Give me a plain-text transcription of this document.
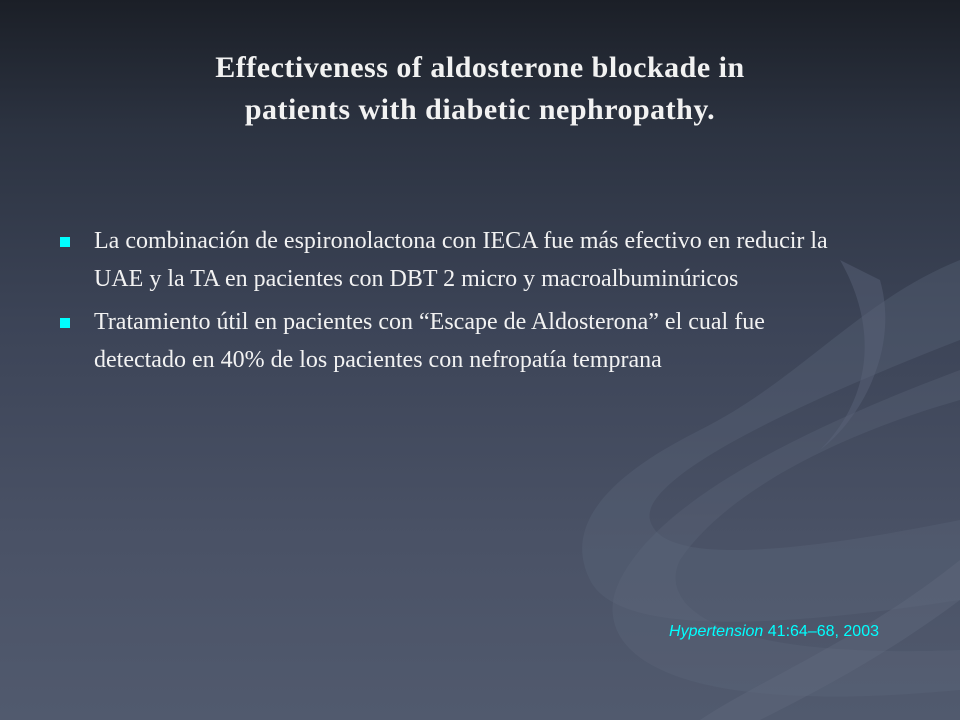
Effectiveness of aldosterone blockade in
patients with diabetic nephropathy.
La combinación de espironolactona con IECA fue más efectivo en reducir la UAE y la TA en pacientes con DBT 2 micro y macroalbuminúricos
Tratamiento útil en pacientes con “Escape de Aldosterona” el cual fue detectado en 40% de los pacientes con nefropatía temprana
Hypertension 41:64–68, 2003
